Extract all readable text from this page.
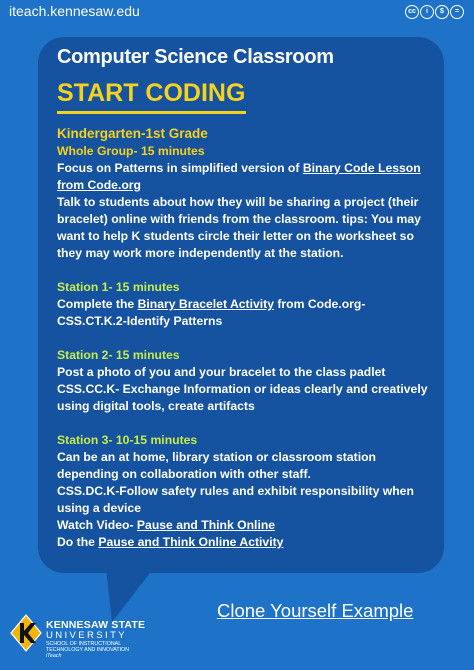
iteach.kennesaw.edu	cc	i	$	=
Computer Science Classroom
START CODING

Kindergarten-1st Grade

Whole Group- 15 minutes

Focus on Patterns in simplified version of Binary Code Lesson from Code.org

Talk to students about how they will be sharing a project (their bracelet) online with friends from the classroom. tips: You may want to help K students circle their letter on the worksheet so they may work more independently at the station.

Station 1- 15 minutes

Complete the Binary Bracelet Activity from Code.org- CSS.CT.K.2-Identify Patterns

Station 2- 15 minutes

Post a photo of you and your bracelet to the class padlet CSS.CC.K- Exchange Information or ideas clearly and creatively using digital tools, create artifacts

Station 3- 10-15 minutes

Can be an at home, library station or classroom station depending on collaboration with other staff.

CSS.DC.K-Follow safety rules and exhibit responsibility when using a device

Watch Video- Pause and Think Online

Do the Pause and Think Online Activity

KENNESAW STATE
UNIVERSITY
SCHOOL OF INSTRUCTIONAL TECHNOLOGY AND INNOVATION
iTeach
Clone Yourself Example
